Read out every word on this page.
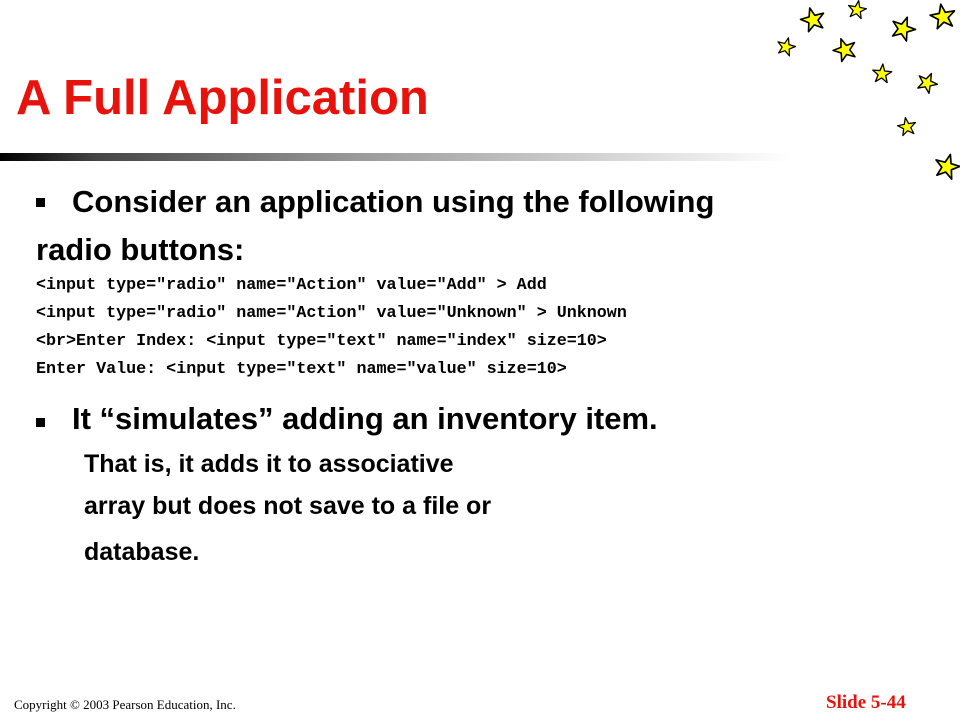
A Full Application

Consider an application using the following

radio buttons:

<input type="radio" name="Action" value="Add" > Add

<input type="radio" name="Action" value="Unknown" > Unknown

<br>Enter Index: <input type="text" name="index" size=10>

Enter Value: <input type="text" name="value" size=10>

It “simulates” adding an inventory item.

That is, it adds it to associative

array but does not save to a file or

database.

Copyright © 2003 Pearson Education, Inc.	Slide 5-44
